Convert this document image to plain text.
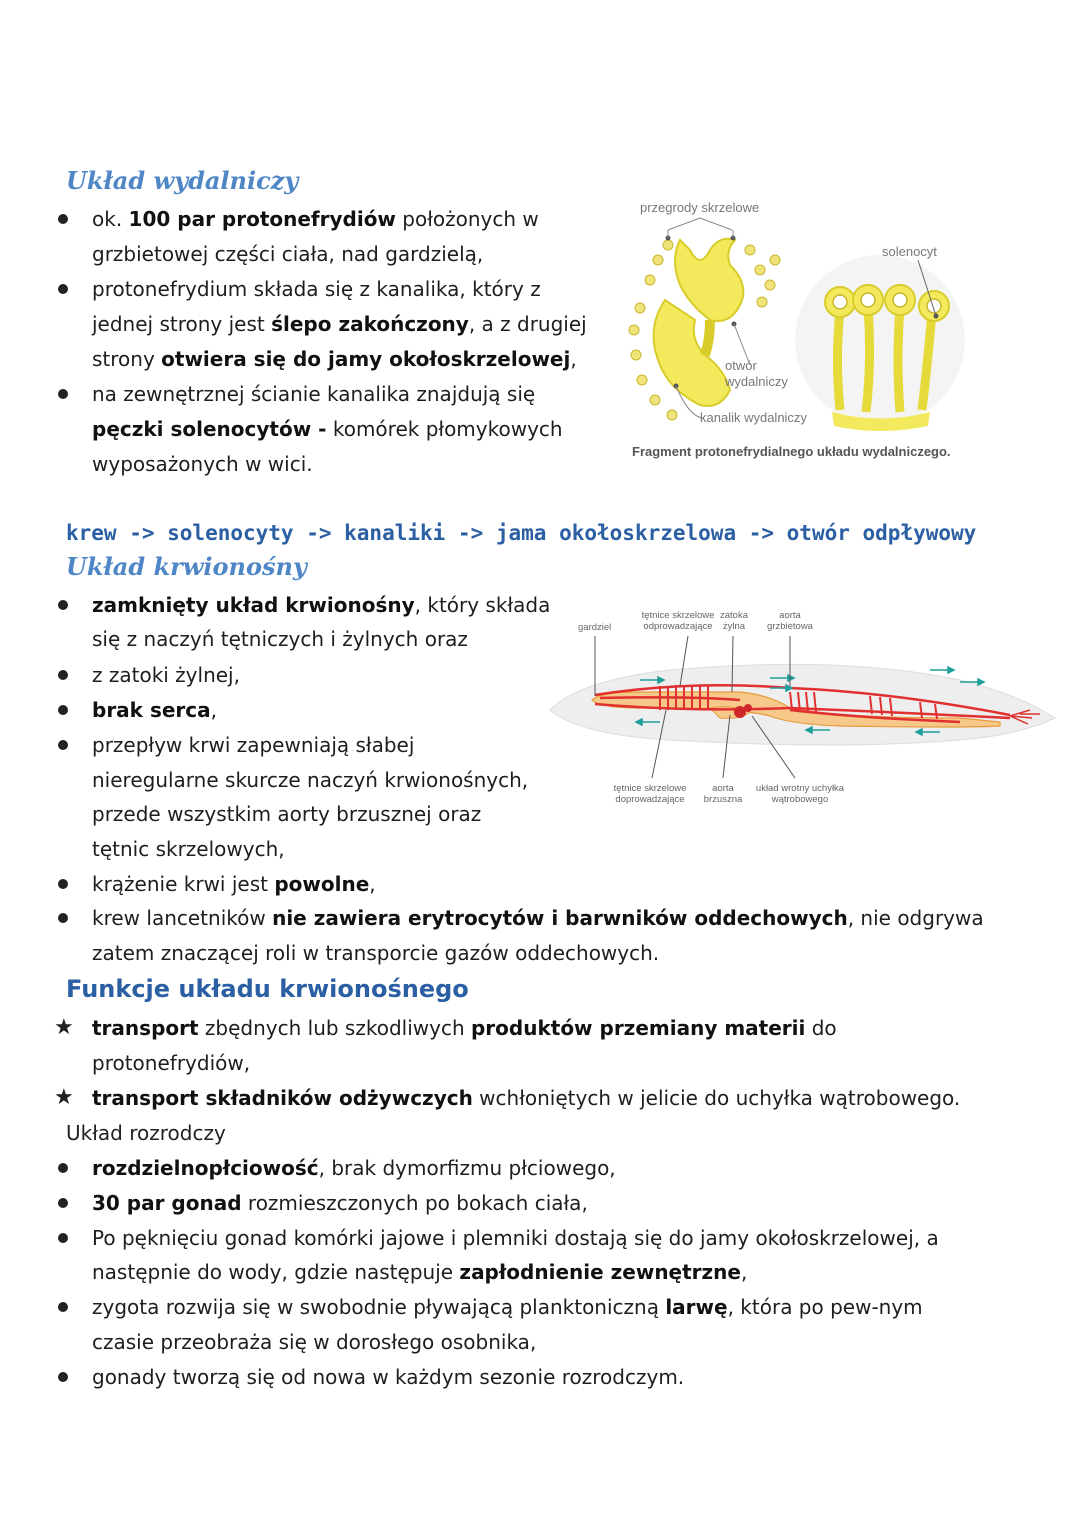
Układ wydalniczy
ok. 100 par protonefrydiów położonych w
grzbietowej części ciała, nad gardzielą,
protonefrydium składa się z kanalika, który z
jednej strony jest ślepo zakończony, a z drugiej
strony otwiera się do jamy okołoskrzelowej,
na zewnętrznej ścianie kanalika znajdują się
pęczki solenocytów - komórek płomykowych
wyposażonych w wici.
przegrody skrzelowe
solenocyt
otwór
wydalniczy
kanalik wydalniczy
Fragment protonefrydialnego układu wydalniczego.
krew -> solenocyty -> kanaliki -> jama okołoskrzelowa -> otwór odpływowy
Układ krwionośny
zamknięty układ krwionośny, który składa
się z naczyń tętniczych i żylnych oraz
z zatoki żylnej,
brak serca,
przepływ krwi zapewniają słabej
nieregularne skurcze naczyń krwionośnych,
przede wszystkim aorty brzusznej oraz
tętnic skrzelowych,
krążenie krwi jest powolne,
krew lancetników nie zawiera erytrocytów i barwników oddechowych, nie odgrywa
zatem znaczącej roli w transporcie gazów oddechowych.
gardziel
tętnice skrzelowe
odprowadzające
zatoka
żylna
aorta
grzbietowa
tętnice skrzelowe
doprowadzające
aorta
brzuszna
układ wrotny uchyłka
wątrobowego
Funkcje układu krwionośnego
★
★
transport zbędnych lub szkodliwych produktów przemiany materii do
protonefrydiów,
transport składników odżywczych wchłoniętych w jelicie do uchyłka wątrobowego.
Układ rozrodczy
rozdzielnopłciowość, brak dymorfizmu płciowego,
30 par gonad rozmieszczonych po bokach ciała,
Po pęknięciu gonad komórki jajowe i plemniki dostają się do jamy okołoskrzelowej, a
następnie do wody, gdzie następuje zapłodnienie zewnętrzne,
zygota rozwija się w swobodnie pływającą planktoniczną larwę, która po pew-nym
czasie przeobraża się w dorosłego osobnika,
gonady tworzą się od nowa w każdym sezonie rozrodczym.
